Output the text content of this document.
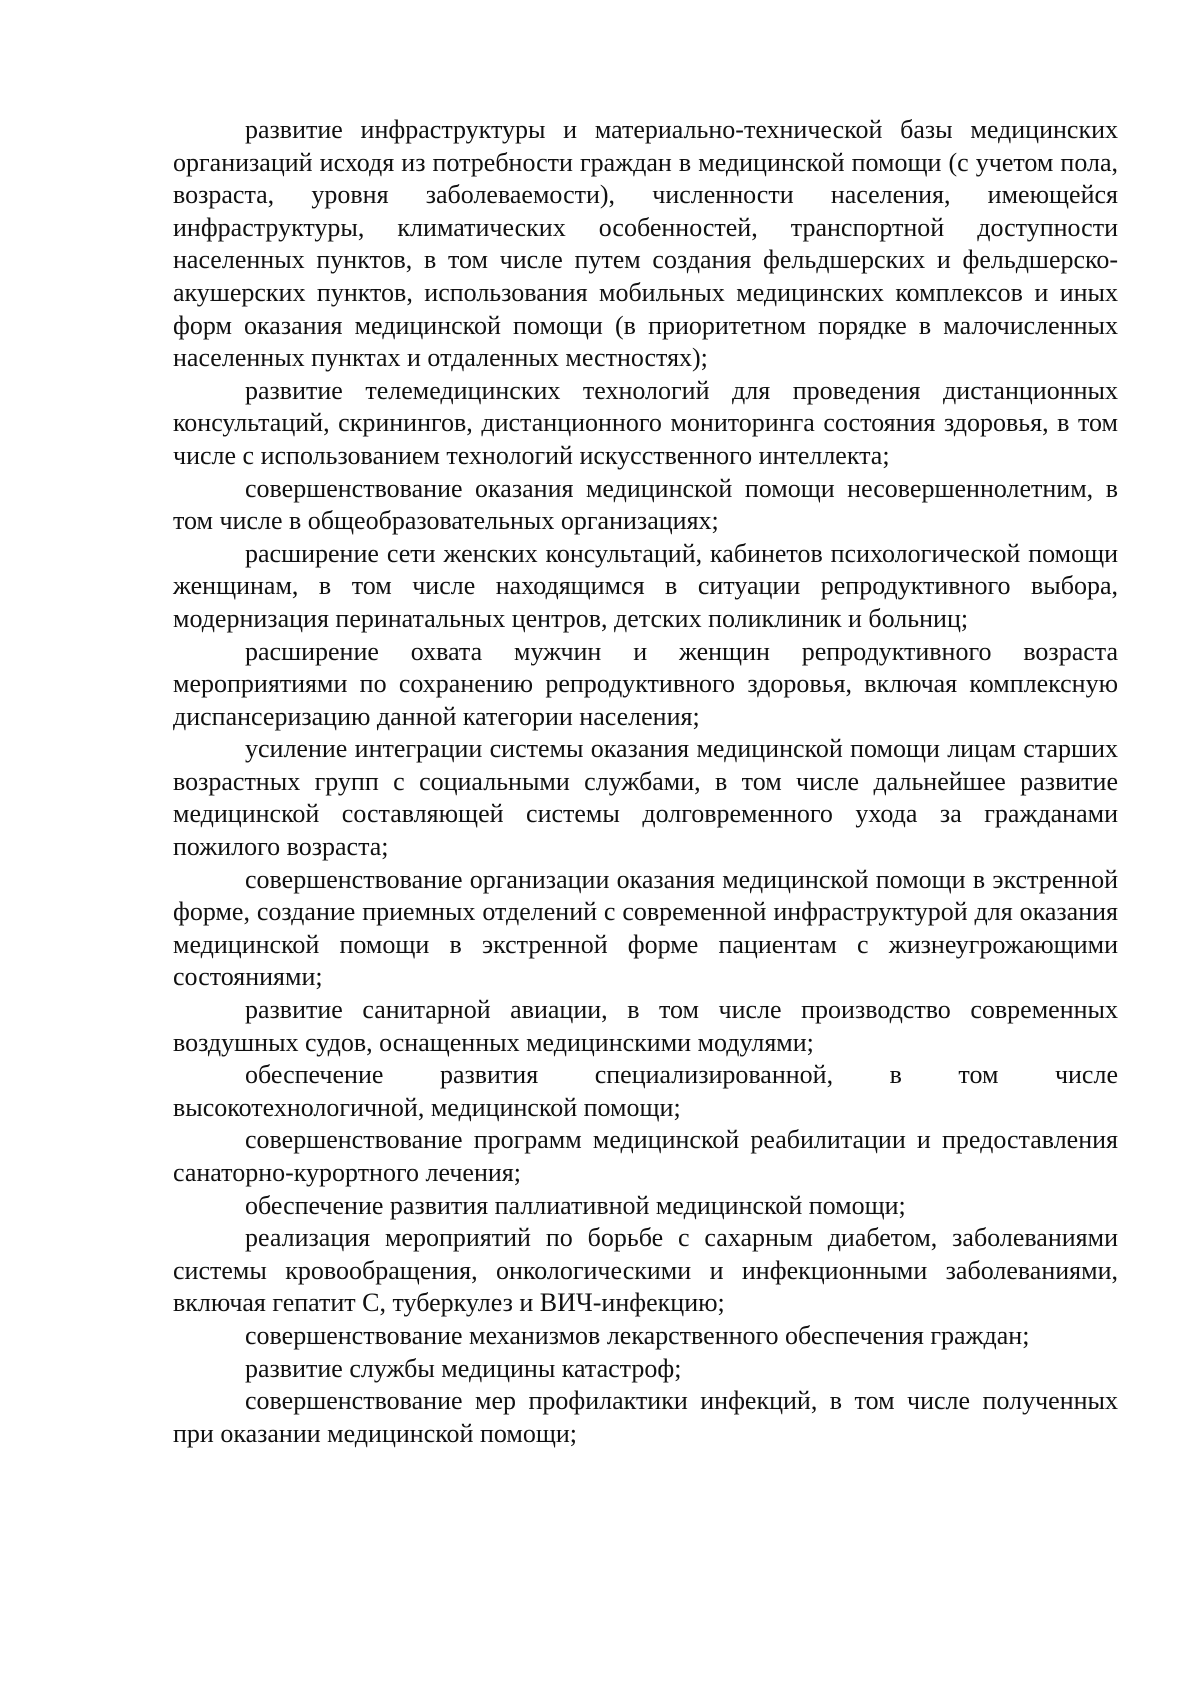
развитие инфраструктуры и материально-технической базы медицинских организаций исходя из потребности граждан в медицинской помощи (с учетом пола, возраста, уровня заболеваемости), численности населения, имеющейся инфраструктуры, климатических особенностей, транспортной доступности населенных пунктов, в том числе путем создания фельдшерских и фельдшерско-акушерских пунктов, использования мобильных медицинских комплексов и иных форм оказания медицинской помощи (в приоритетном порядке в малочисленных населенных пунктах и отдаленных местностях);

развитие телемедицинских технологий для проведения дистанционных консультаций, скринингов, дистанционного мониторинга состояния здоровья, в том числе с использованием технологий искусственного интеллекта;

совершенствование оказания медицинской помощи несовершеннолетним, в том числе в общеобразовательных организациях;

расширение сети женских консультаций, кабинетов психологической помощи женщинам, в том числе находящимся в ситуации репродуктивного выбора, модернизация перинатальных центров, детских поликлиник и больниц;

расширение охвата мужчин и женщин репродуктивного возраста мероприятиями по сохранению репродуктивного здоровья, включая комплексную диспансеризацию данной категории населения;

усиление интеграции системы оказания медицинской помощи лицам старших возрастных групп с социальными службами, в том числе дальнейшее развитие медицинской составляющей системы долговременного ухода за гражданами пожилого возраста;

совершенствование организации оказания медицинской помощи в экстренной форме, создание приемных отделений с современной инфраструктурой для оказания медицинской помощи в экстренной форме пациентам с жизнеугрожающими состояниями;

развитие санитарной авиации, в том числе производство современных воздушных судов, оснащенных медицинскими модулями;

обеспечение развития специализированной, в том числе высокотехнологичной, медицинской помощи;

совершенствование программ медицинской реабилитации и предоставления санаторно-курортного лечения;

обеспечение развития паллиативной медицинской помощи;

реализация мероприятий по борьбе с сахарным диабетом, заболеваниями системы кровообращения, онкологическими и инфекционными заболеваниями, включая гепатит С, туберкулез и ВИЧ-инфекцию;

совершенствование механизмов лекарственного обеспечения граждан;

развитие службы медицины катастроф;

совершенствование мер профилактики инфекций, в том числе полученных при оказании медицинской помощи;
